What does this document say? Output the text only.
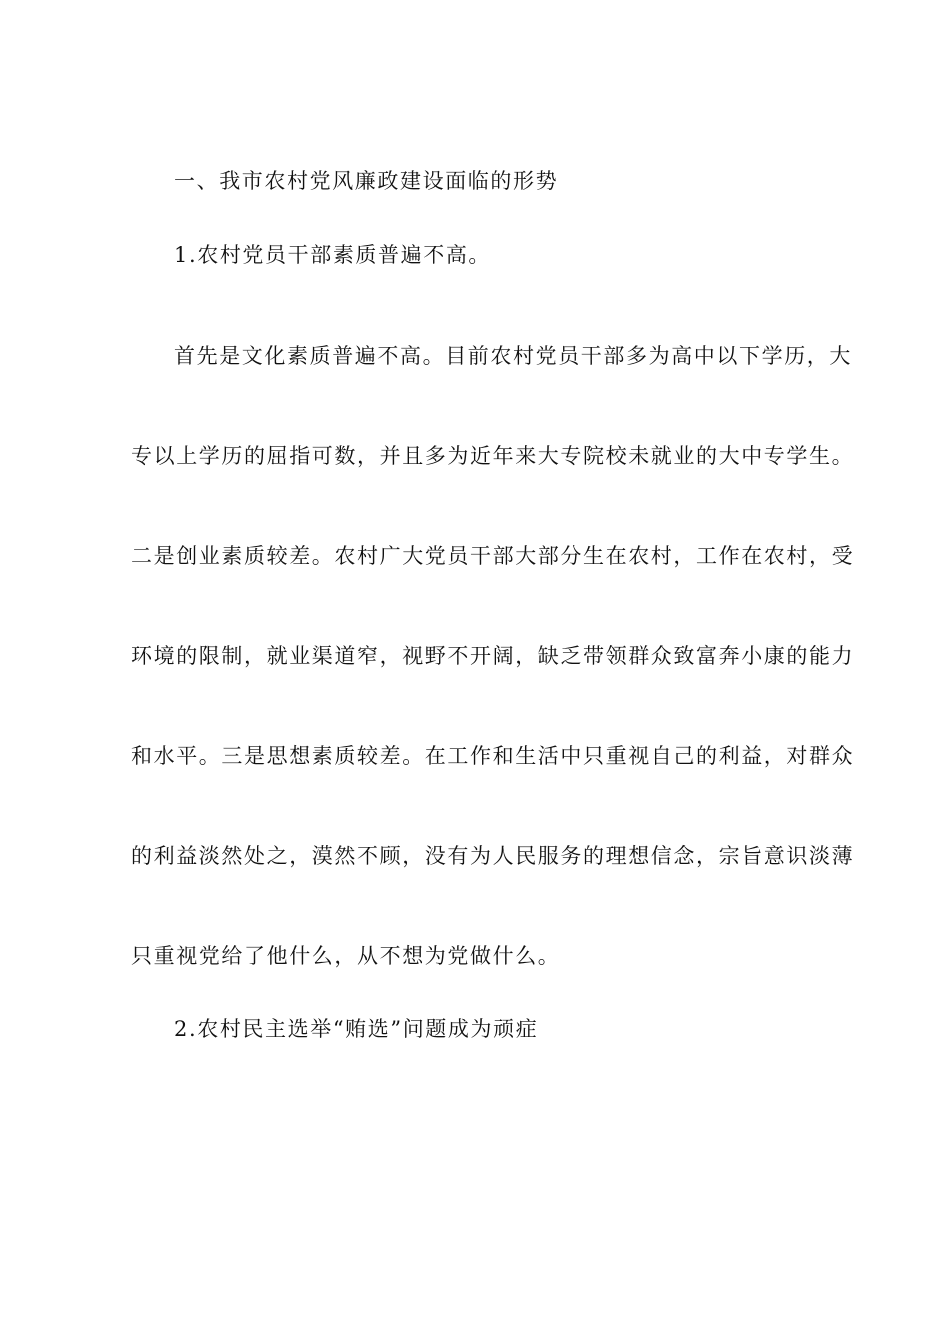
一、我市农村党风廉政建设面临的形势
1.农村党员干部素质普遍不高。
首先是文化素质普遍不高。目前农村党员干部多为高中以下学历，大
专以上学历的屈指可数，并且多为近年来大专院校未就业的大中专学生。
二是创业素质较差。农村广大党员干部大部分生在农村，工作在农村，受
环境的限制，就业渠道窄，视野不开阔，缺乏带领群众致富奔小康的能力
和水平。三是思想素质较差。在工作和生活中只重视自己的利益，对群众
的利益淡然处之，漠然不顾，没有为人民服务的理想信念，宗旨意识淡薄
只重视党给了他什么，从不想为党做什么。
2.农村民主选举“贿选”问题成为顽症
